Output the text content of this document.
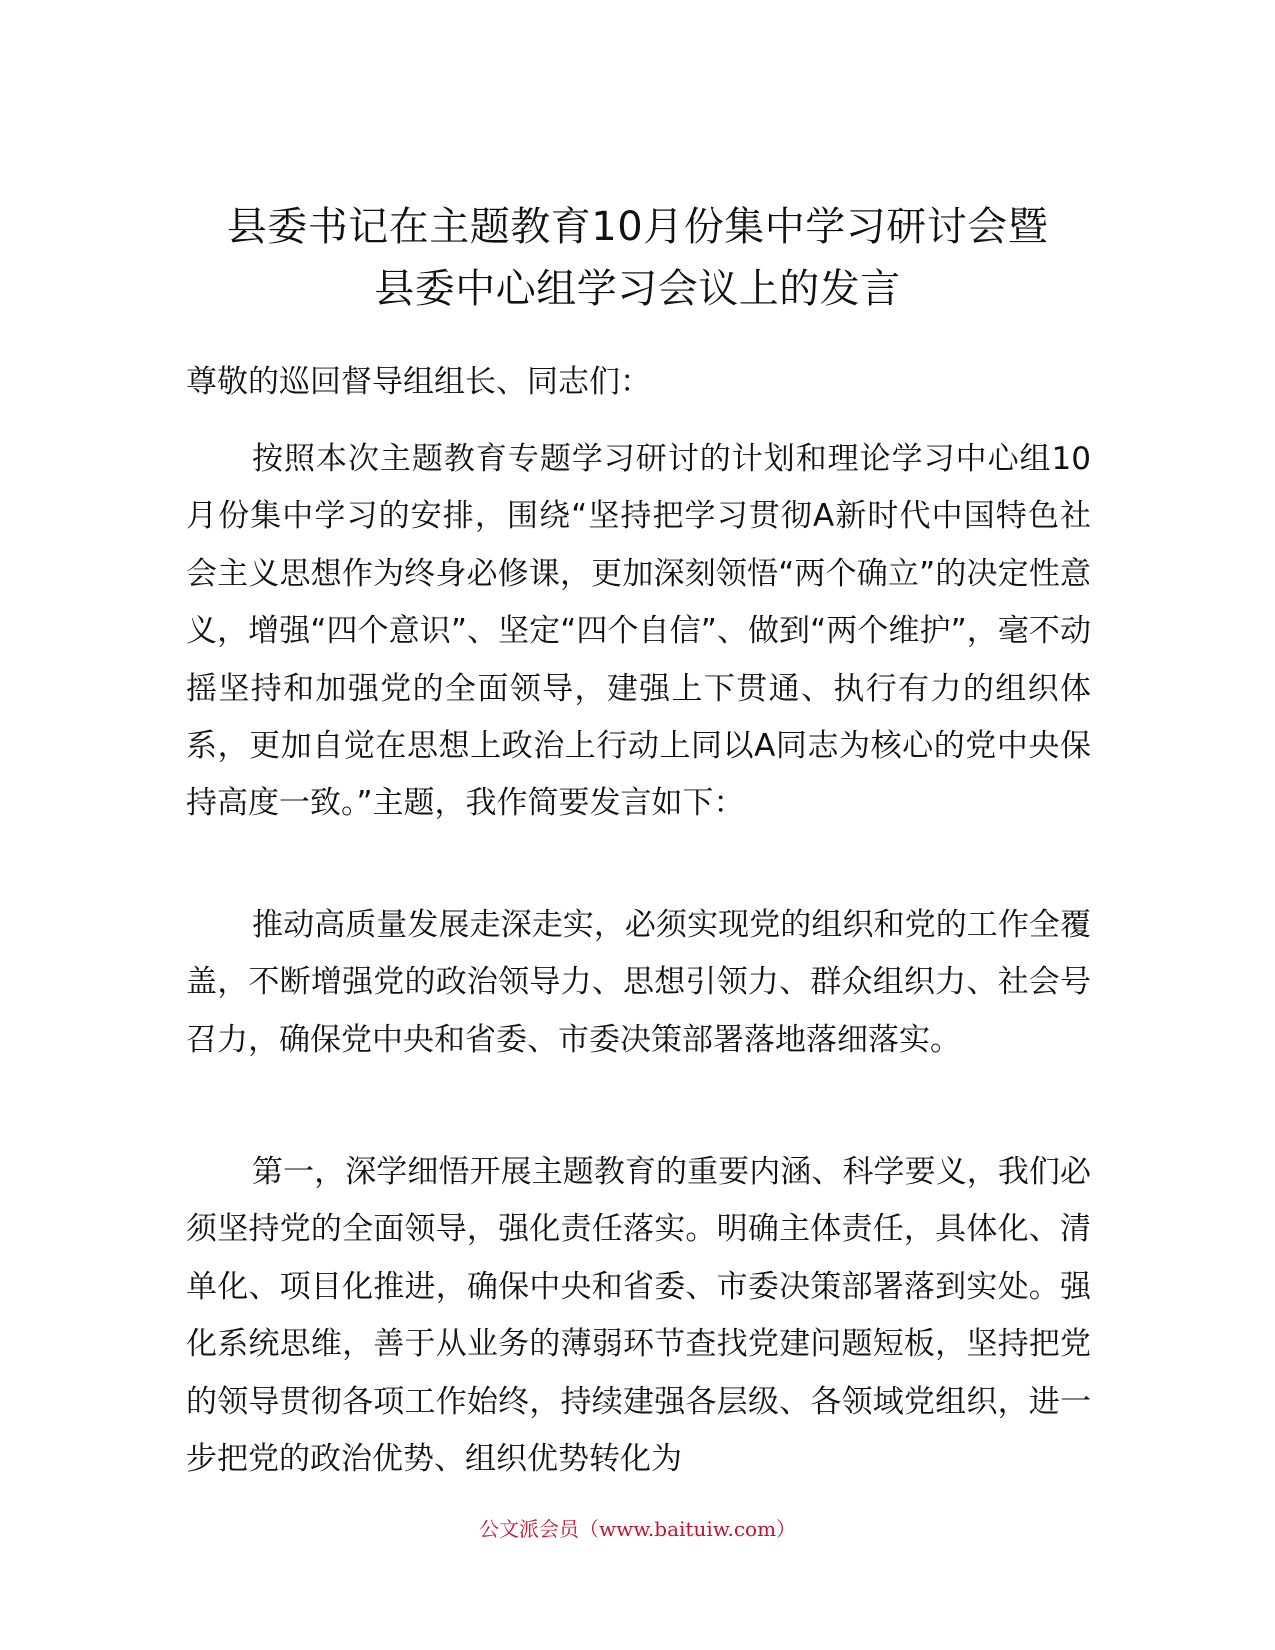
县委书记在主题教育10月份集中学习研讨会暨
县委中心组学习会议上的发言
尊敬的巡回督导组组长、同志们：

按照本次主题教育专题学习研讨的计划和理论学习中心组10月份集中学习的安排，围绕“坚持把学习贯彻A新时代中国特色社会主义思想作为终身必修课，更加深刻领悟“两个确立”的决定性意义，增强“四个意识”、坚定“四个自信”、做到“两个维护”，毫不动摇坚持和加强党的全面领导，建强上下贯通、执行有力的组织体系，更加自觉在思想上政治上行动上同以A同志为核心的党中央保持高度一致。”主题，我作简要发言如下：

推动高质量发展走深走实，必须实现党的组织和党的工作全覆盖，不断增强党的政治领导力、思想引领力、群众组织力、社会号召力，确保党中央和省委、市委决策部署落地落细落实。

第一，深学细悟开展主题教育的重要内涵、科学要义，我们必须坚持党的全面领导，强化责任落实。明确主体责任，具体化、清单化、项目化推进，确保中央和省委、市委决策部署落到实处。强化系统思维，善于从业务的薄弱环节查找党建问题短板，坚持把党的领导贯彻各项工作始终，持续建强各层级、各领域党组织，进一步把党的政治优势、组织优势转化为

公文派会员（www.baituiw.com）
